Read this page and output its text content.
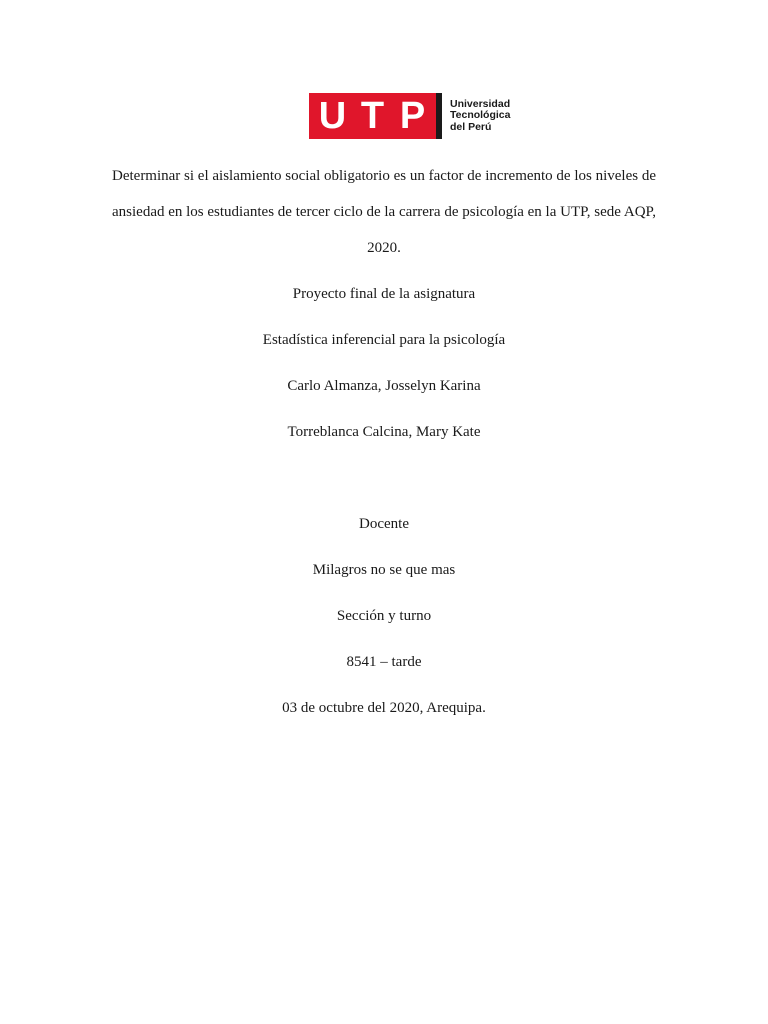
U T P	Universidad
Tecnológica
del Perú
Determinar si el aislamiento social obligatorio es un factor de incremento de los niveles de
ansiedad en los estudiantes de tercer ciclo de la carrera de psicología en la UTP, sede AQP,
2020.
Proyecto final de la asignatura
Estadística inferencial para la psicología
Carlo Almanza, Josselyn Karina
Torreblanca Calcina, Mary Kate
Docente
Milagros no se que mas
Sección y turno
8541 – tarde
03 de octubre del 2020, Arequipa.
